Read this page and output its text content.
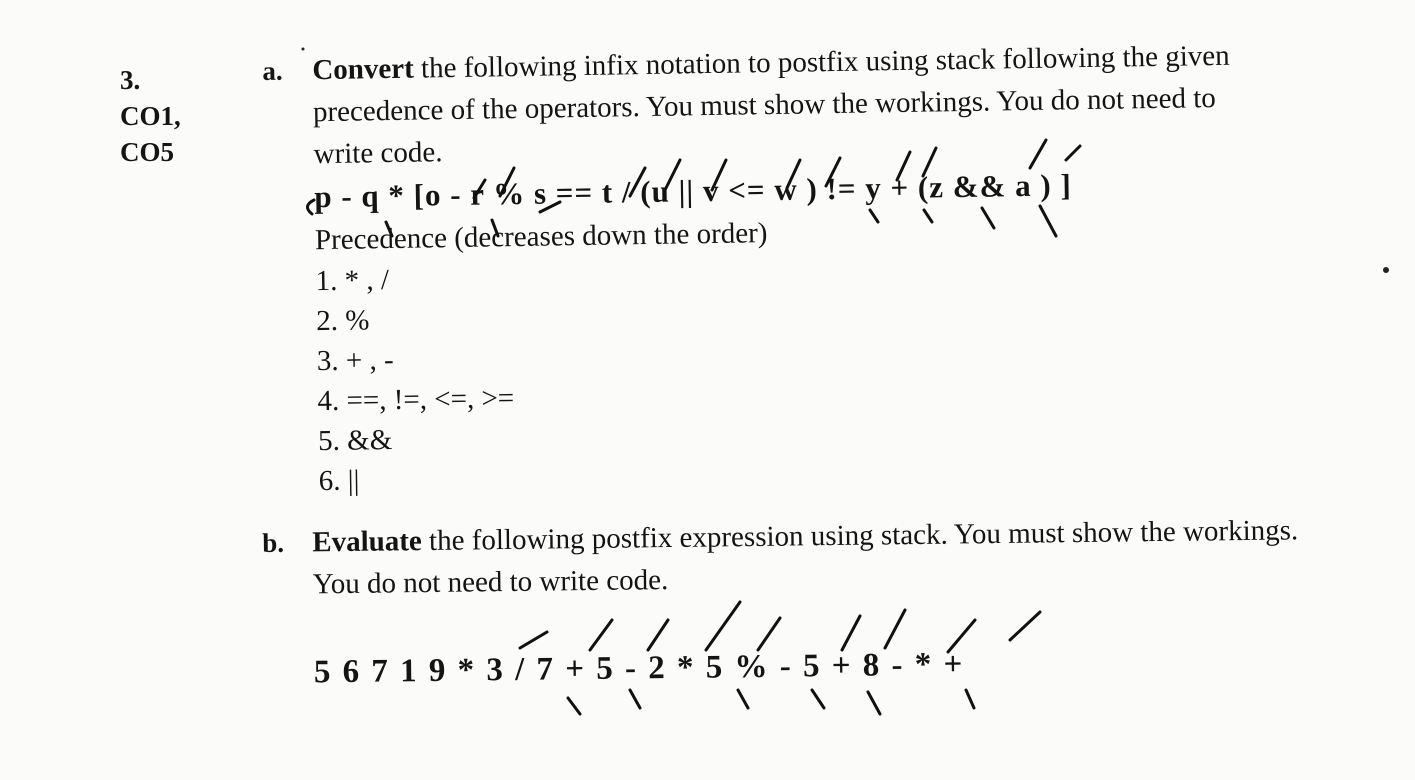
3.
CO1,
CO5
a. Convert the following infix notation to postfix using stack following the given
precedence of the operators. You must show the workings. You do not need to
write code.
p - q * [o - r % s == t / (u || v <= w ) != y + (z && a ) ]
Precedence (decreases down the order)
1. * , /
2. %
3. + , -
4. ==, !=, <=, >=
5. &&
6. ||
b. Evaluate the following postfix expression using stack. You must show the workings.
You do not need to write code.
5 6 7 1 9 * 3 / 7 + 5 - 2 * 5 % - 5 + 8 - * +
